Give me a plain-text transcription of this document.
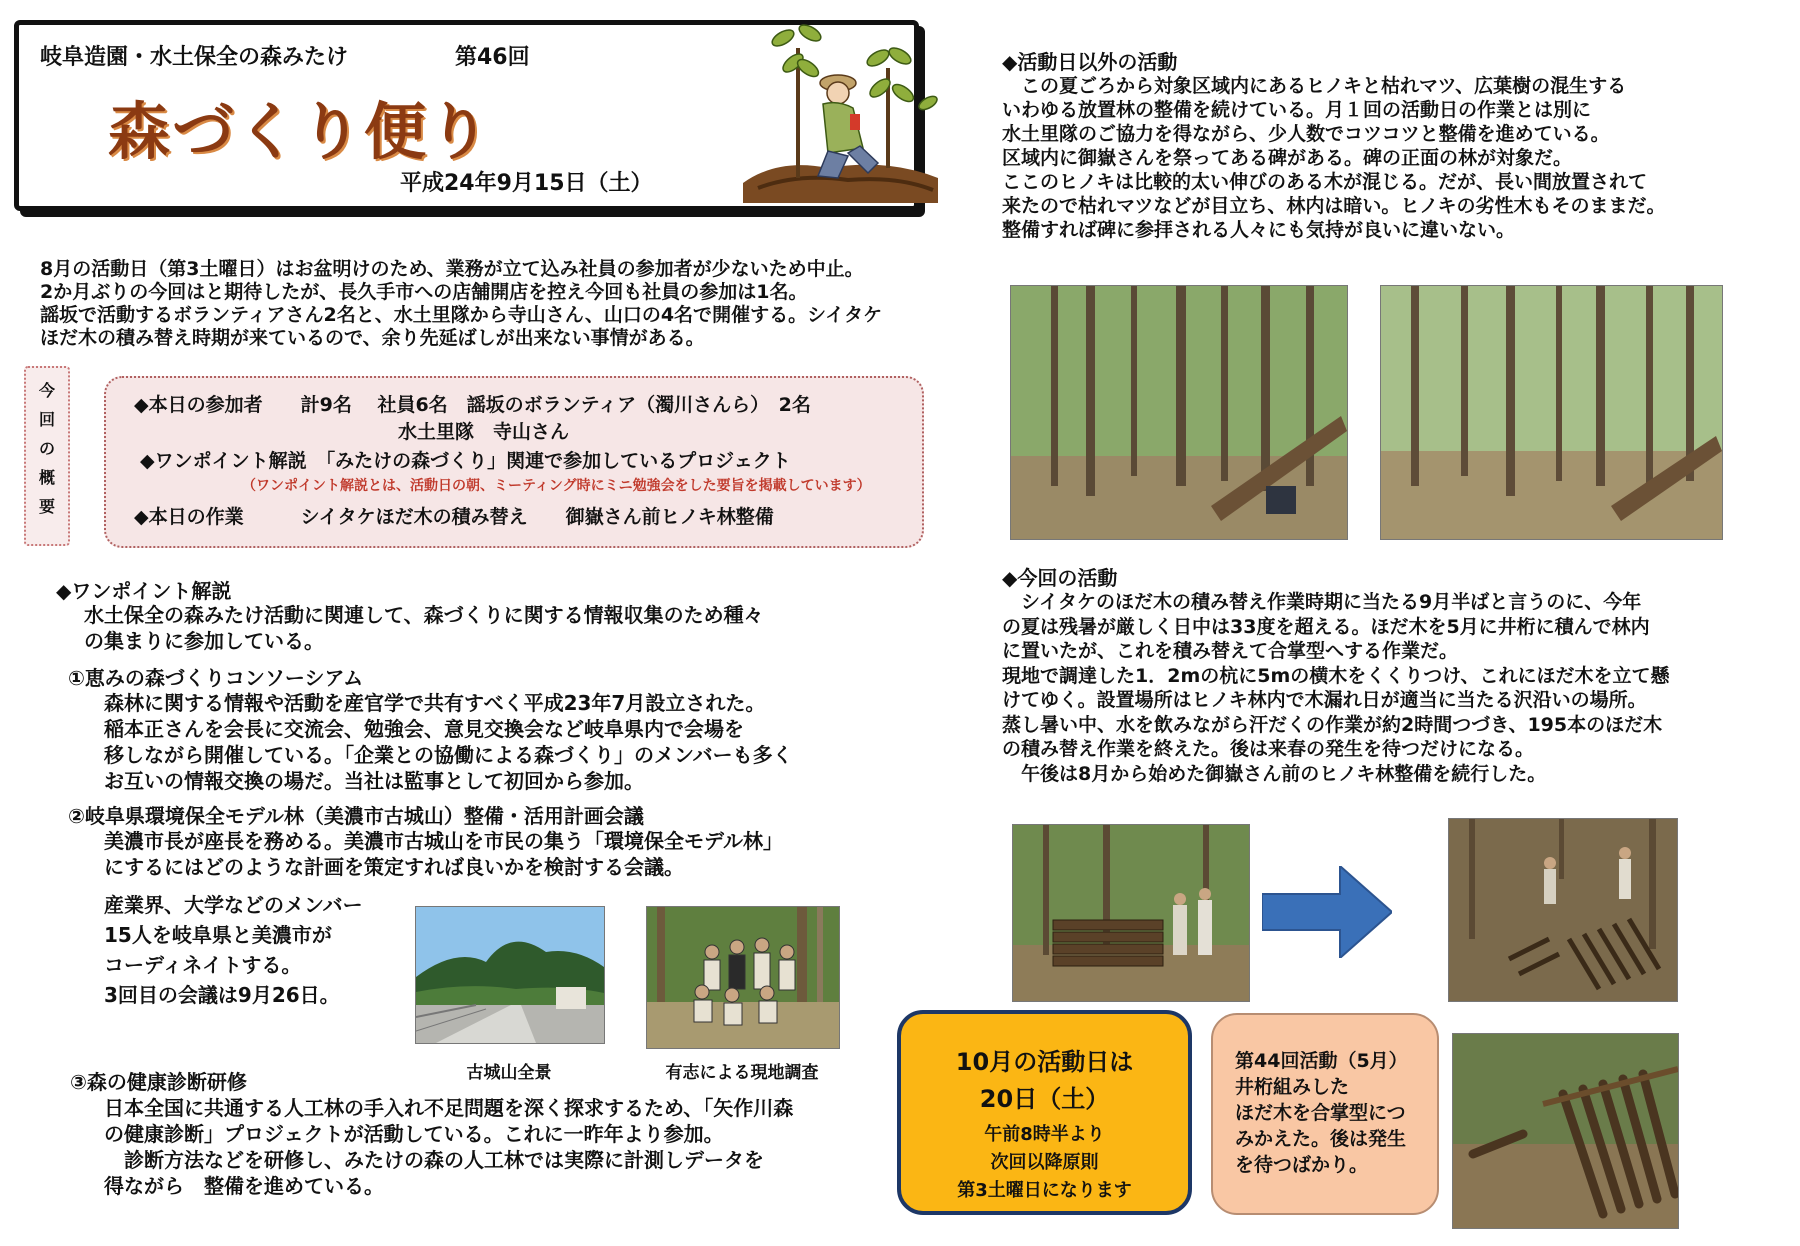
岐阜造園・水土保全の森みたけ	第46回
森づくり便り
平成24年9月15日（土）
8月の活動日（第3土曜日）はお盆明けのため、業務が立て込み社員の参加者が少ないため中止。
2か月ぶりの今回はと期待したが、長久手市への店舗開店を控え今回も社員の参加は1名。
謡坂で活動するボランティアさん2名と、水土里隊から寺山さん、山口の4名で開催する。シイタケ
ほだ木の積み替え時期が来ているので、余り先延ばしが出来ない事情がある。
今
回
の
概
要
◆本日の参加者　　計9名　 社員6名　謡坂のボランティア（濁川さんら）　2名
水土里隊　寺山さん
◆ワンポイント解説　「みたけの森づくり」関連で参加しているプロジェクト
（ワンポイント解説とは、活動日の朝、ミーティング時にミニ勉強会をした要旨を掲載しています）
◆本日の作業　　　シイタケほだ木の積み替え　　御嶽さん前ヒノキ林整備
◆ワンポイント解説
水土保全の森みたけ活動に関連して、森づくりに関する情報収集のため種々
の集まりに参加している。
①恵みの森づくりコンソーシアム
森林に関する情報や活動を産官学で共有すべく平成23年7月設立された。
稲本正さんを会長に交流会、勉強会、意見交換会など岐阜県内で会場を
移しながら開催している。「企業との協働による森づくり」のメンバーも多く
お互いの情報交換の場だ。当社は監事として初回から参加。
②岐阜県環境保全モデル林（美濃市古城山）整備・活用計画会議
美濃市長が座長を務める。美濃市古城山を市民の集う「環境保全モデル林」
にするにはどのような計画を策定すれば良いかを検討する会議。
産業界、大学などのメンバー
15人を岐阜県と美濃市が
コーディネイトする。
3回目の会議は9月26日。
古城山全景	有志による現地調査
③森の健康診断研修
日本全国に共通する人工林の手入れ不足問題を深く探求するため、「矢作川森
の健康診断」プロジェクトが活動している。これに一昨年より参加。
　診断方法などを研修し、みたけの森の人工林では実際に計測しデータを
得ながら　整備を進めている。
◆活動日以外の活動
　この夏ごろから対象区域内にあるヒノキと枯れマツ、広葉樹の混生する
いわゆる放置林の整備を続けている。月１回の活動日の作業とは別に
水土里隊のご協力を得ながら、少人数でコツコツと整備を進めている。
区域内に御嶽さんを祭ってある碑がある。碑の正面の林が対象だ。
ここのヒノキは比較的太い伸びのある木が混じる。だが、長い間放置されて
来たので枯れマツなどが目立ち、林内は暗い。ヒノキの劣性木もそのままだ。
整備すれば碑に参拝される人々にも気持が良いに違いない。
◆今回の活動
　シイタケのほだ木の積み替え作業時期に当たる9月半ばと言うのに、今年
の夏は残暑が厳しく日中は33度を超える。ほだ木を5月に井桁に積んで林内
に置いたが、これを積み替えて合掌型へする作業だ。
現地で調達した1．2mの杭に5mの横木をくくりつけ、これにほだ木を立て懸
けてゆく。設置場所はヒノキ林内で木漏れ日が適当に当たる沢沿いの場所。
蒸し暑い中、水を飲みながら汗だくの作業が約2時間つづき、195本のほだ木
の積み替え作業を終えた。後は来春の発生を待つだけになる。
　午後は8月から始めた御嶽さん前のヒノキ林整備を続行した。
10月の活動日は
20日（土）
午前8時半より
次回以降原則
第3土曜日になります
第44回活動（5月）
井桁組みした
ほだ木を合掌型につ
みかえた。後は発生
を待つばかり。
